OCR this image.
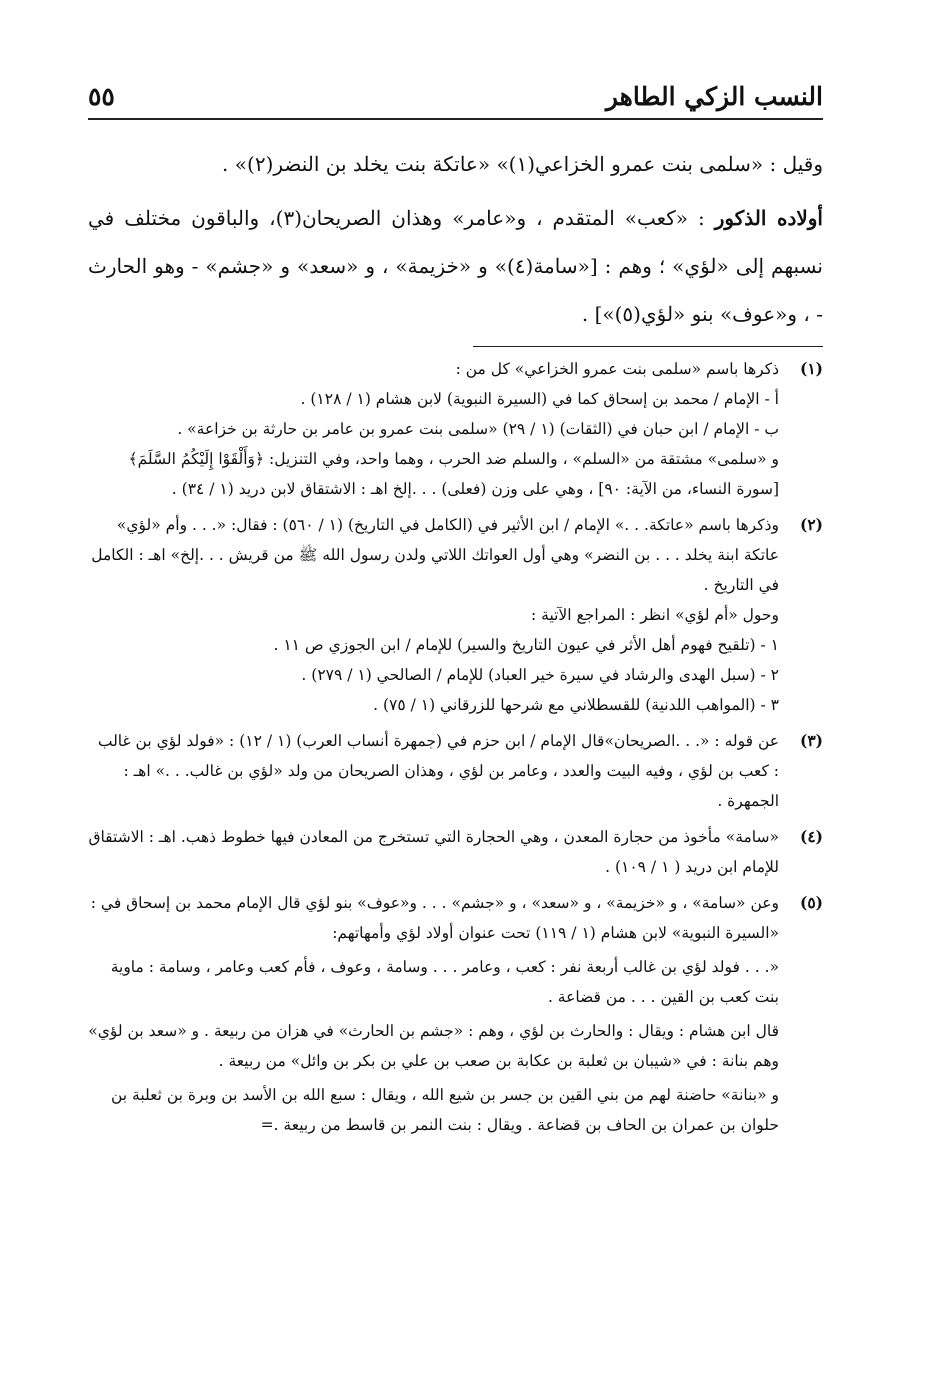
النسب الزكي الطاهر
٥٥

وقيل : «سلمى بنت عمرو الخزاعي(١)» «عاتكة بنت يخلد بن النضر(٢)» .

أولاده الذكور : «كعب» المتقدم ، و«عامر» وهذان الصريحان(٣)، والباقون مختلف في نسبهم إلى «لؤي» ؛ وهم : [«سامة(٤)» و «خزيمة» ، و «سعد» و «جشم» - وهو الحارث - ، و«عوف» بنو «لؤي(٥)»] .

(١)

ذكرها باسم «سلمى بنت عمرو الخزاعي» كل من :

أ - الإمام / محمد بن إسحاق كما في (السيرة النبوية) لابن هشام (١ / ١٢٨) .

ب - الإمام / ابن حبان في (الثقات) (١ / ٢٩) «سلمى بنت عمرو بن عامر بن حارثة بن خزاعة» .

و «سلمى» مشتقة من «السلم» ، والسلم ضد الحرب ، وهما واحد، وفي التنزيل: ﴿وَأَلْقَوْا إِلَيْكُمُ السَّلَمَ﴾ [سورة النساء، من الآية: ٩٠] ، وهي على وزن (فعلى) . . .إلخ اهـ : الاشتقاق لابن دريد (١ / ٣٤) .

(٢)

وذكرها باسم «عاتكة. . .» الإمام / ابن الأثير في (الكامل في التاريخ) (١ / ٥٦٠) : فقال: «. . . وأم «لؤي» عاتكة ابنة يخلد . . . بن النضر» وهي أول العواتك اللاتي ولدن رسول الله ﷺ من قريش . . .إلخ» اهـ : الكامل في التاريخ .

وحول «أم لؤي» انظر : المراجع الآتية :

١ - (تلقيح فهوم أهل الأثر في عيون التاريخ والسير) للإمام / ابن الجوزي ص ١١ .

٢ - (سبل الهدى والرشاد في سيرة خير العباد) للإمام / الصالحي (١ / ٢٧٩) .

٣ - (المواهب اللدنية) للقسطلاني مع شرحها للزرقاني (١ / ٧٥) .

(٣)

عن قوله : «. . .الصريحان»قال الإمام / ابن حزم في (جمهرة أنساب العرب) (١ / ١٢) : «فولد لؤي بن غالب : كعب بن لؤي ، وفيه البيت والعدد ، وعامر بن لؤي ، وهذان الصريحان من ولد «لؤي بن غالب. . .» اهـ : الجمهرة .

(٤)

«سامة» مأخوذ من حجارة المعدن ، وهي الحجارة التي تستخرج من المعادن فيها خطوط ذهب. اهـ : الاشتقاق للإمام ابن دريد ( ١ / ١٠٩) .

(٥)

وعن «سامة» ، و «خزيمة» ، و «سعد» ، و «جشم» . . . و«عوف» بنو لؤي قال الإمام محمد بن إسحاق في : «السيرة النبوية» لابن هشام (١ / ١١٩) تحت عنوان أولاد لؤي وأمهاتهم:

«. . . فولد لؤي بن غالب أربعة نفر : كعب ، وعامر . . . وسامة ، وعوف ، فأم كعب وعامر ، وسامة : ماوية بنت كعب بن القين . . . من قضاعة .

قال ابن هشام : ويقال : والحارث بن لؤي ، وهم : «جشم بن الحارث» في هزان من ربيعة . و «سعد بن لؤي» وهم بنانة : في «شيبان بن ثعلبة بن عكابة بن صعب بن علي بن بكر بن وائل» من ربيعة .

و «بنانة» حاضنة لهم من بني القين بن جسر بن شيع الله ، ويقال : سبع الله بن الأسد بن وبرة بن ثعلبة بن حلوان بن عمران بن الحاف بن قضاعة . ويقال : بنت النمر بن قاسط من ربيعة .=
